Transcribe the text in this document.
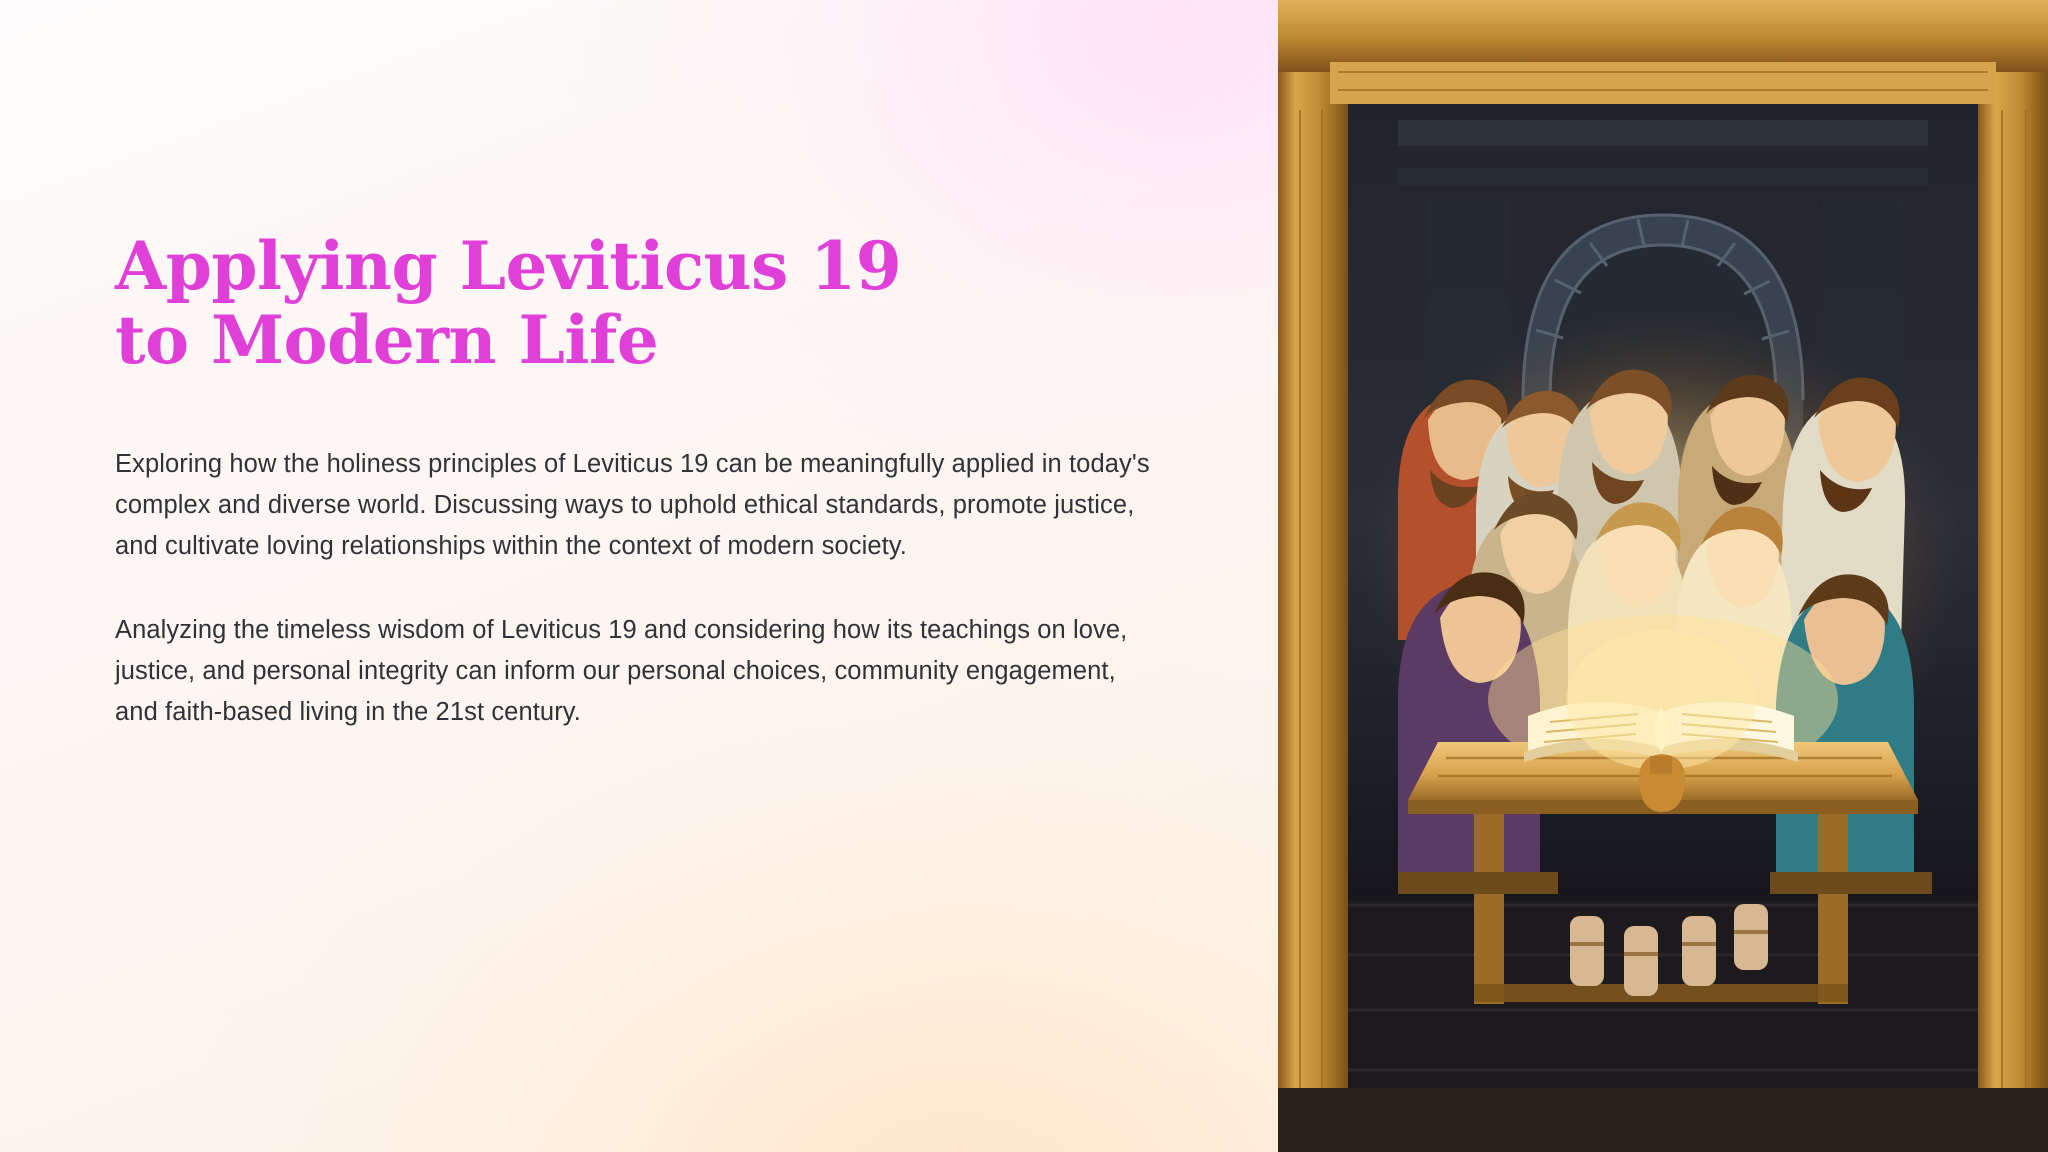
Applying Leviticus 19 to Modern Life

Exploring how the holiness principles of Leviticus 19 can be meaningfully applied in today's complex and diverse world. Discussing ways to uphold ethical standards, promote justice, and cultivate loving relationships within the context of modern society.

Analyzing the timeless wisdom of Leviticus 19 and considering how its teachings on love, justice, and personal integrity can inform our personal choices, community engagement, and faith-based living in the 21st century.
